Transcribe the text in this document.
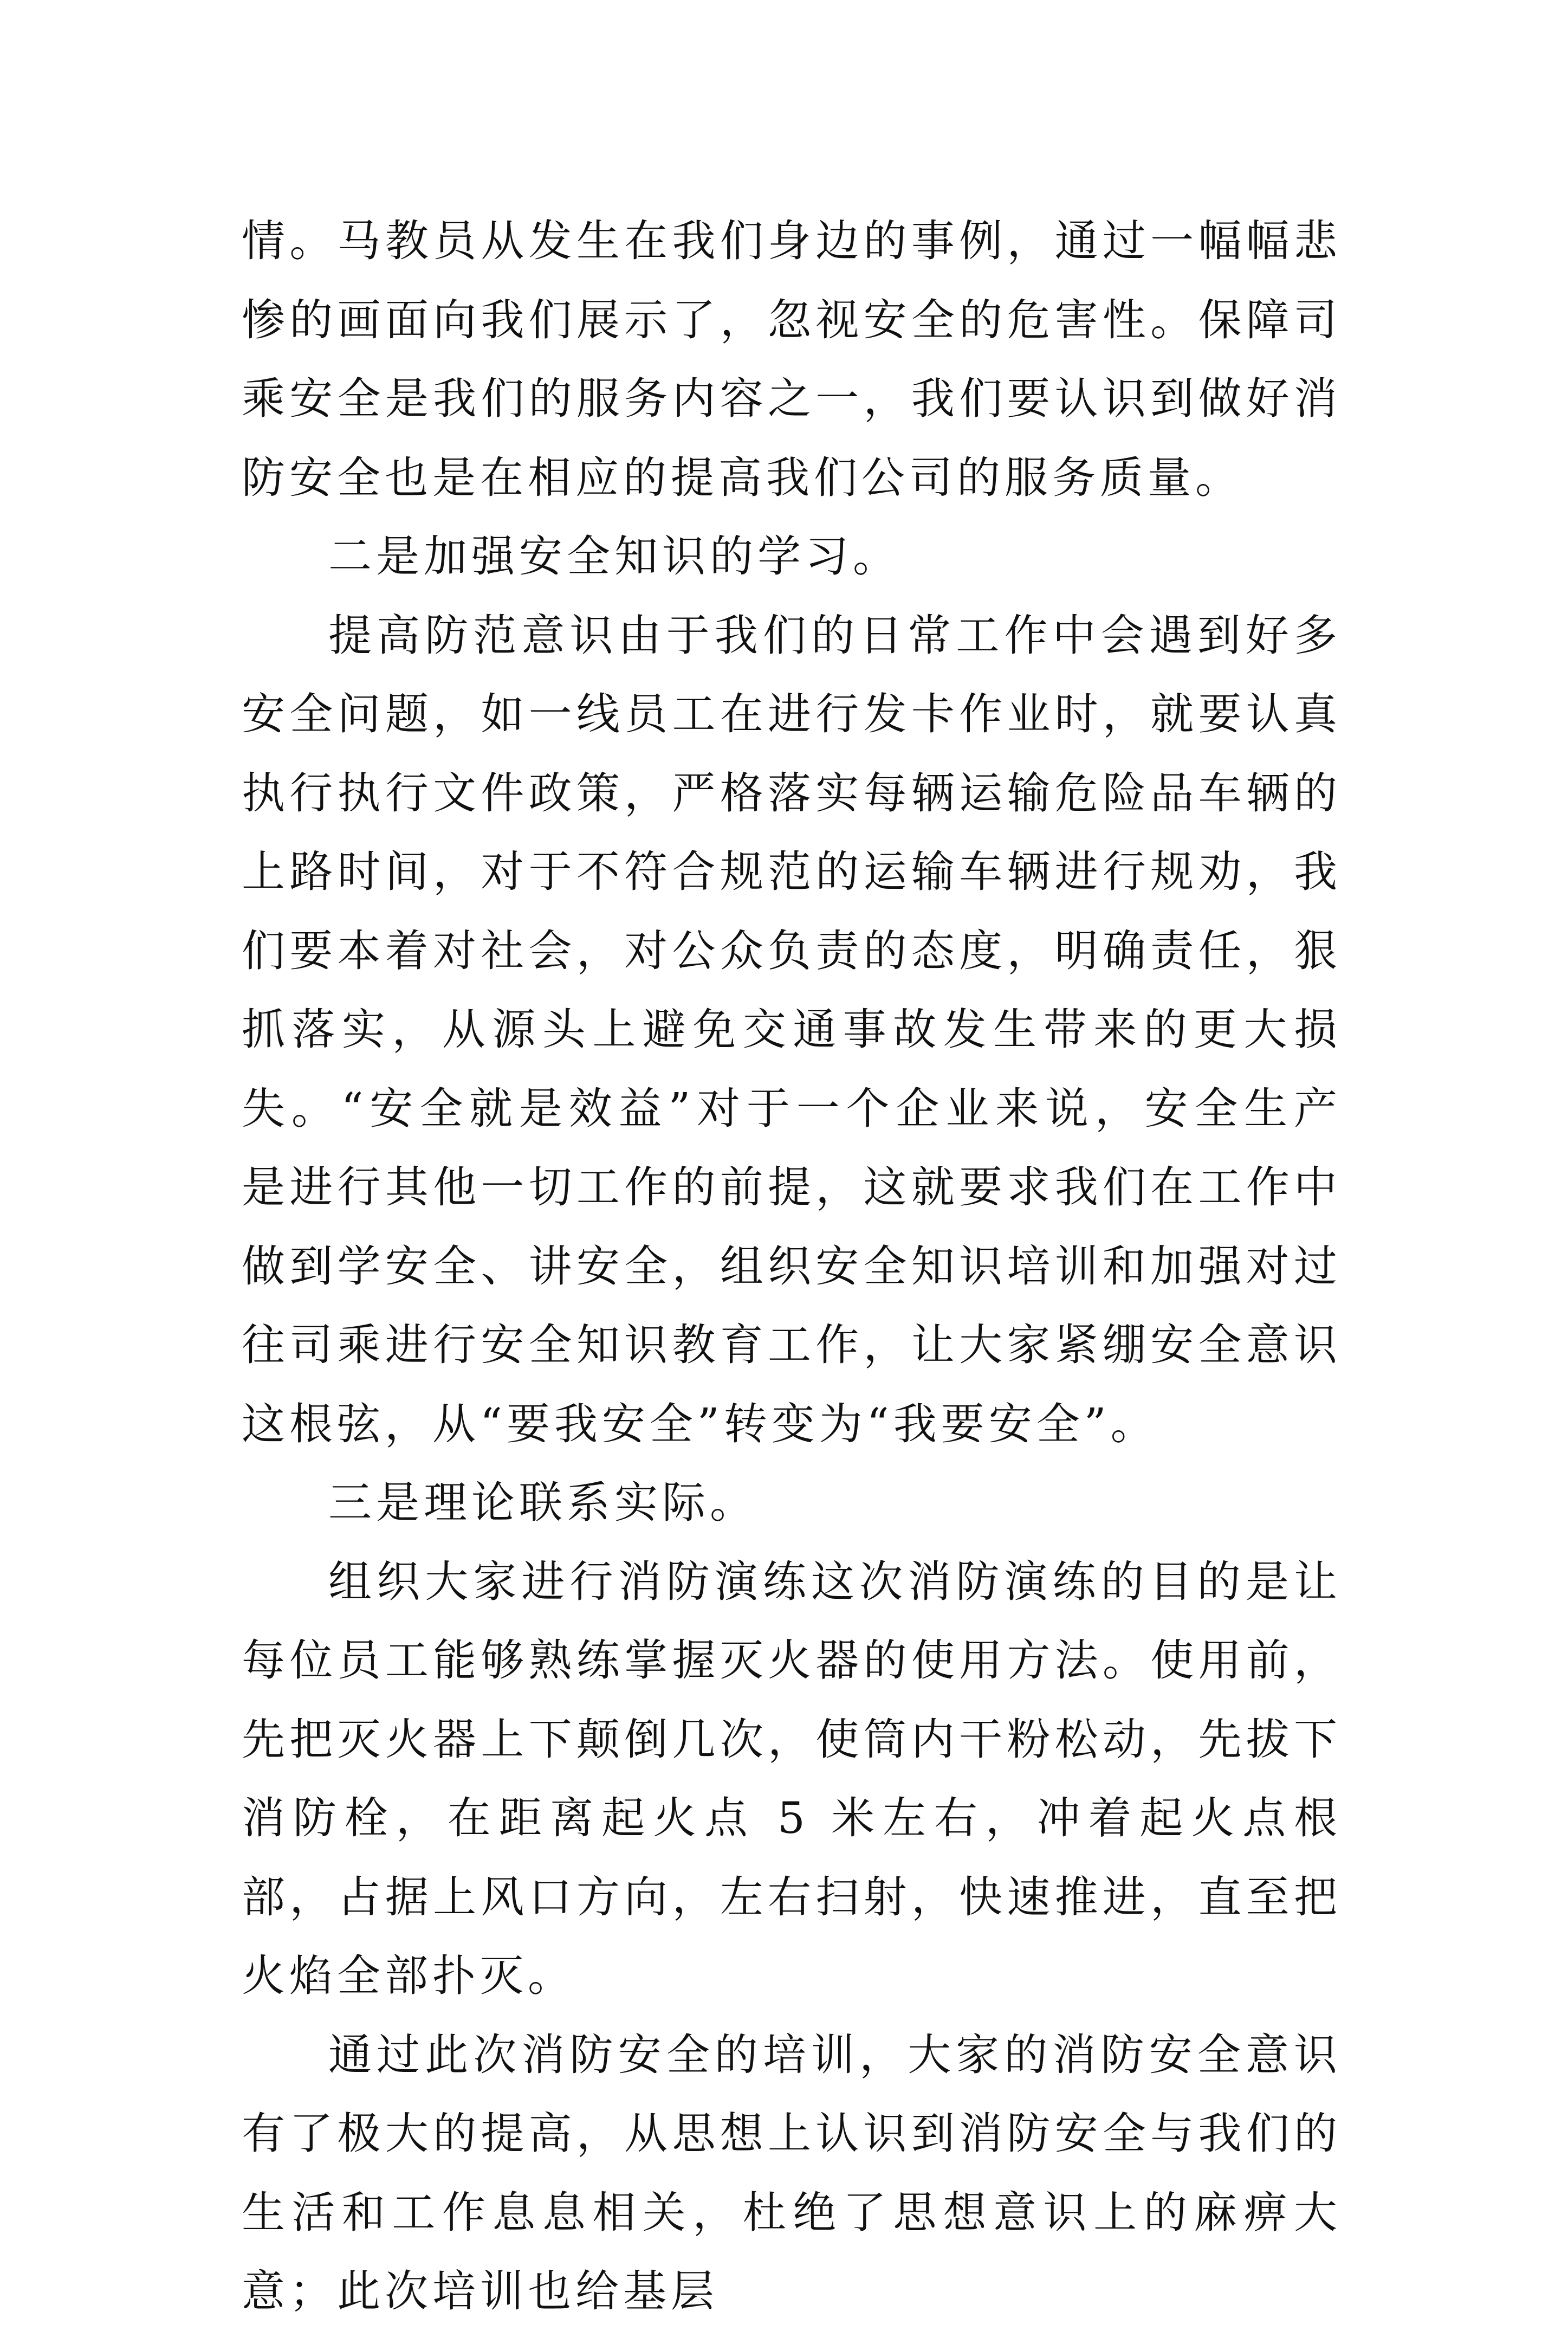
情。马教员从发生在我们身边的事例，通过一幅幅悲惨的画面向我们展示了，忽视安全的危害性。保障司乘安全是我们的服务内容之一，我们要认识到做好消防安全也是在相应的提高我们公司的服务质量。

二是加强安全知识的学习。

提高防范意识由于我们的日常工作中会遇到好多安全问题，如一线员工在进行发卡作业时，就要认真执行执行文件政策，严格落实每辆运输危险品车辆的上路时间，对于不符合规范的运输车辆进行规劝，我们要本着对社会，对公众负责的态度，明确责任，狠抓落实，从源头上避免交通事故发生带来的更大损失。“安全就是效益”对于一个企业来说，安全生产是进行其他一切工作的前提，这就要求我们在工作中做到学安全、讲安全，组织安全知识培训和加强对过往司乘进行安全知识教育工作，让大家紧绷安全意识这根弦，从“要我安全”转变为“我要安全”。

三是理论联系实际。

组织大家进行消防演练这次消防演练的目的是让每位员工能够熟练掌握灭火器的使用方法。使用前，先把灭火器上下颠倒几次，使筒内干粉松动，先拔下消防栓，在距离起火点 5 米左右，冲着起火点根部，占据上风口方向，左右扫射，快速推进，直至把火焰全部扑灭。

通过此次消防安全的培训，大家的消防安全意识有了极大的提高，从思想上认识到消防安全与我们的生活和工作息息相关，杜绝了思想意识上的麻痹大意；此次培训也给基层
